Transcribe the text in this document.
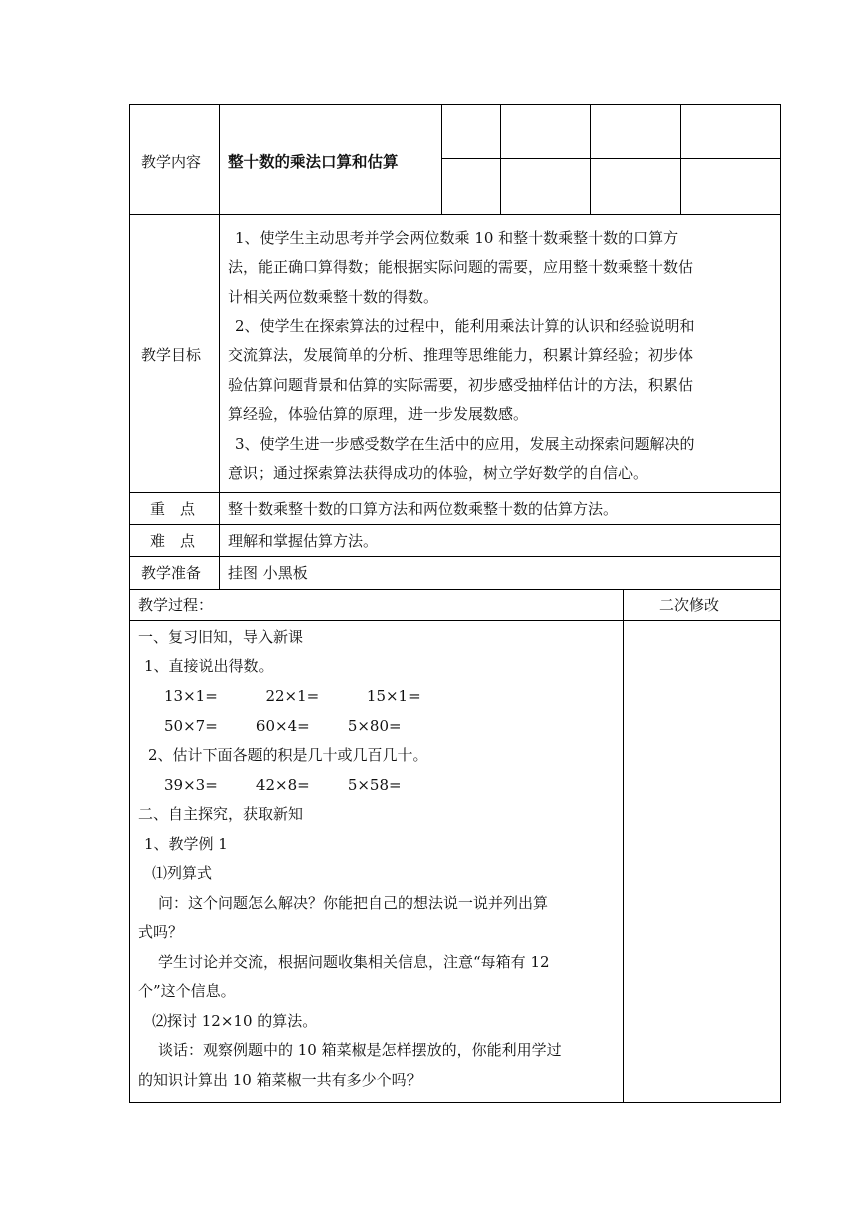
教学内容 整十数的乘法口算和估算
教学目标
1、使学生主动思考并学会两位数乘 10 和整十数乘整十数的口算方
法，能正确口算得数；能根据实际问题的需要，应用整十数乘整十数估
计相关两位数乘整十数的得数。
2、使学生在探索算法的过程中，能利用乘法计算的认识和经验说明和
交流算法，发展简单的分析、推理等思维能力，积累计算经验；初步体
验估算问题背景和估算的实际需要，初步感受抽样估计的方法，积累估
算经验，体验估算的原理，进一步发展数感。
3、使学生进一步感受数学在生活中的应用，发展主动探索问题解决的
意识；通过探索算法获得成功的体验，树立学好数学的自信心。
重　点 整十数乘整十数的口算方法和两位数乘整十数的估算方法。
难　点 理解和掌握估算方法。
教学准备 挂图 小黑板
教学过程：	二次修改
一、复习旧知，导入新课
1、直接说出得数。
13×1=          22×1=          15×1=
50×7=        60×4=        5×80=
2、估计下面各题的积是几十或几百几十。
39×3=        42×8=        5×58=
二、自主探究，获取新知
1、教学例 1
⑴列算式
问：这个问题怎么解决？你能把自己的想法说一说并列出算
式吗？
学生讨论并交流，根据问题收集相关信息，注意“每箱有 12
个”这个信息。
⑵探讨 12×10 的算法。
谈话：观察例题中的 10 箱菜椒是怎样摆放的，你能利用学过
的知识计算出 10 箱菜椒一共有多少个吗？
